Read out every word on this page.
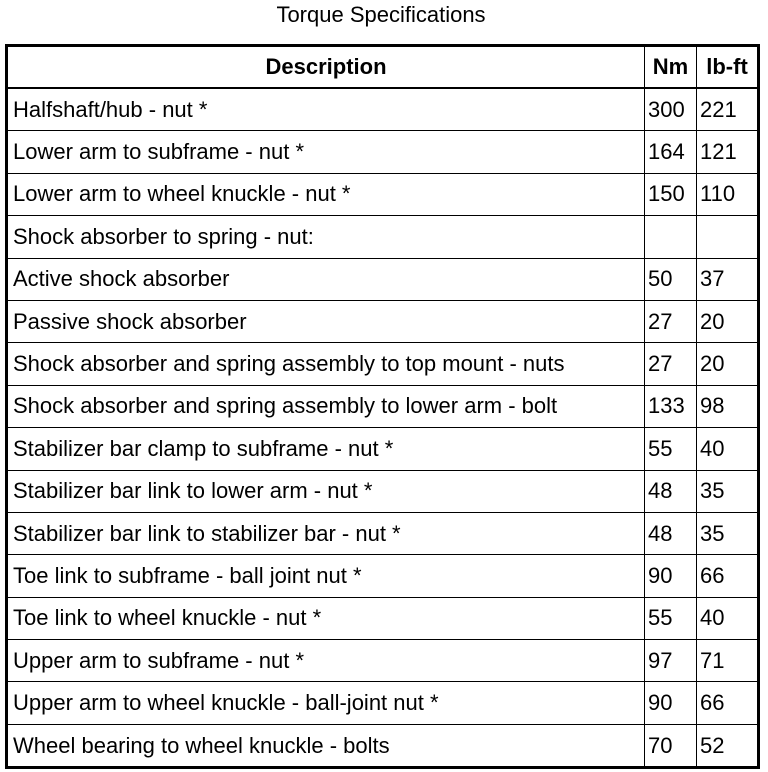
Torque Specifications
Description	Nm	lb-ft
Halfshaft/hub - nut *	300	221
Lower arm to subframe - nut *	164	121
Lower arm to wheel knuckle - nut *	150	110
Shock absorber to spring - nut:		
Active shock absorber	50	37
Passive shock absorber	27	20
Shock absorber and spring assembly to top mount - nuts	27	20
Shock absorber and spring assembly to lower arm - bolt	133	98
Stabilizer bar clamp to subframe - nut *	55	40
Stabilizer bar link to lower arm - nut *	48	35
Stabilizer bar link to stabilizer bar - nut *	48	35
Toe link to subframe - ball joint nut *	90	66
Toe link to wheel knuckle - nut *	55	40
Upper arm to subframe - nut *	97	71
Upper arm to wheel knuckle - ball-joint nut *	90	66
Wheel bearing to wheel knuckle - bolts	70	52
